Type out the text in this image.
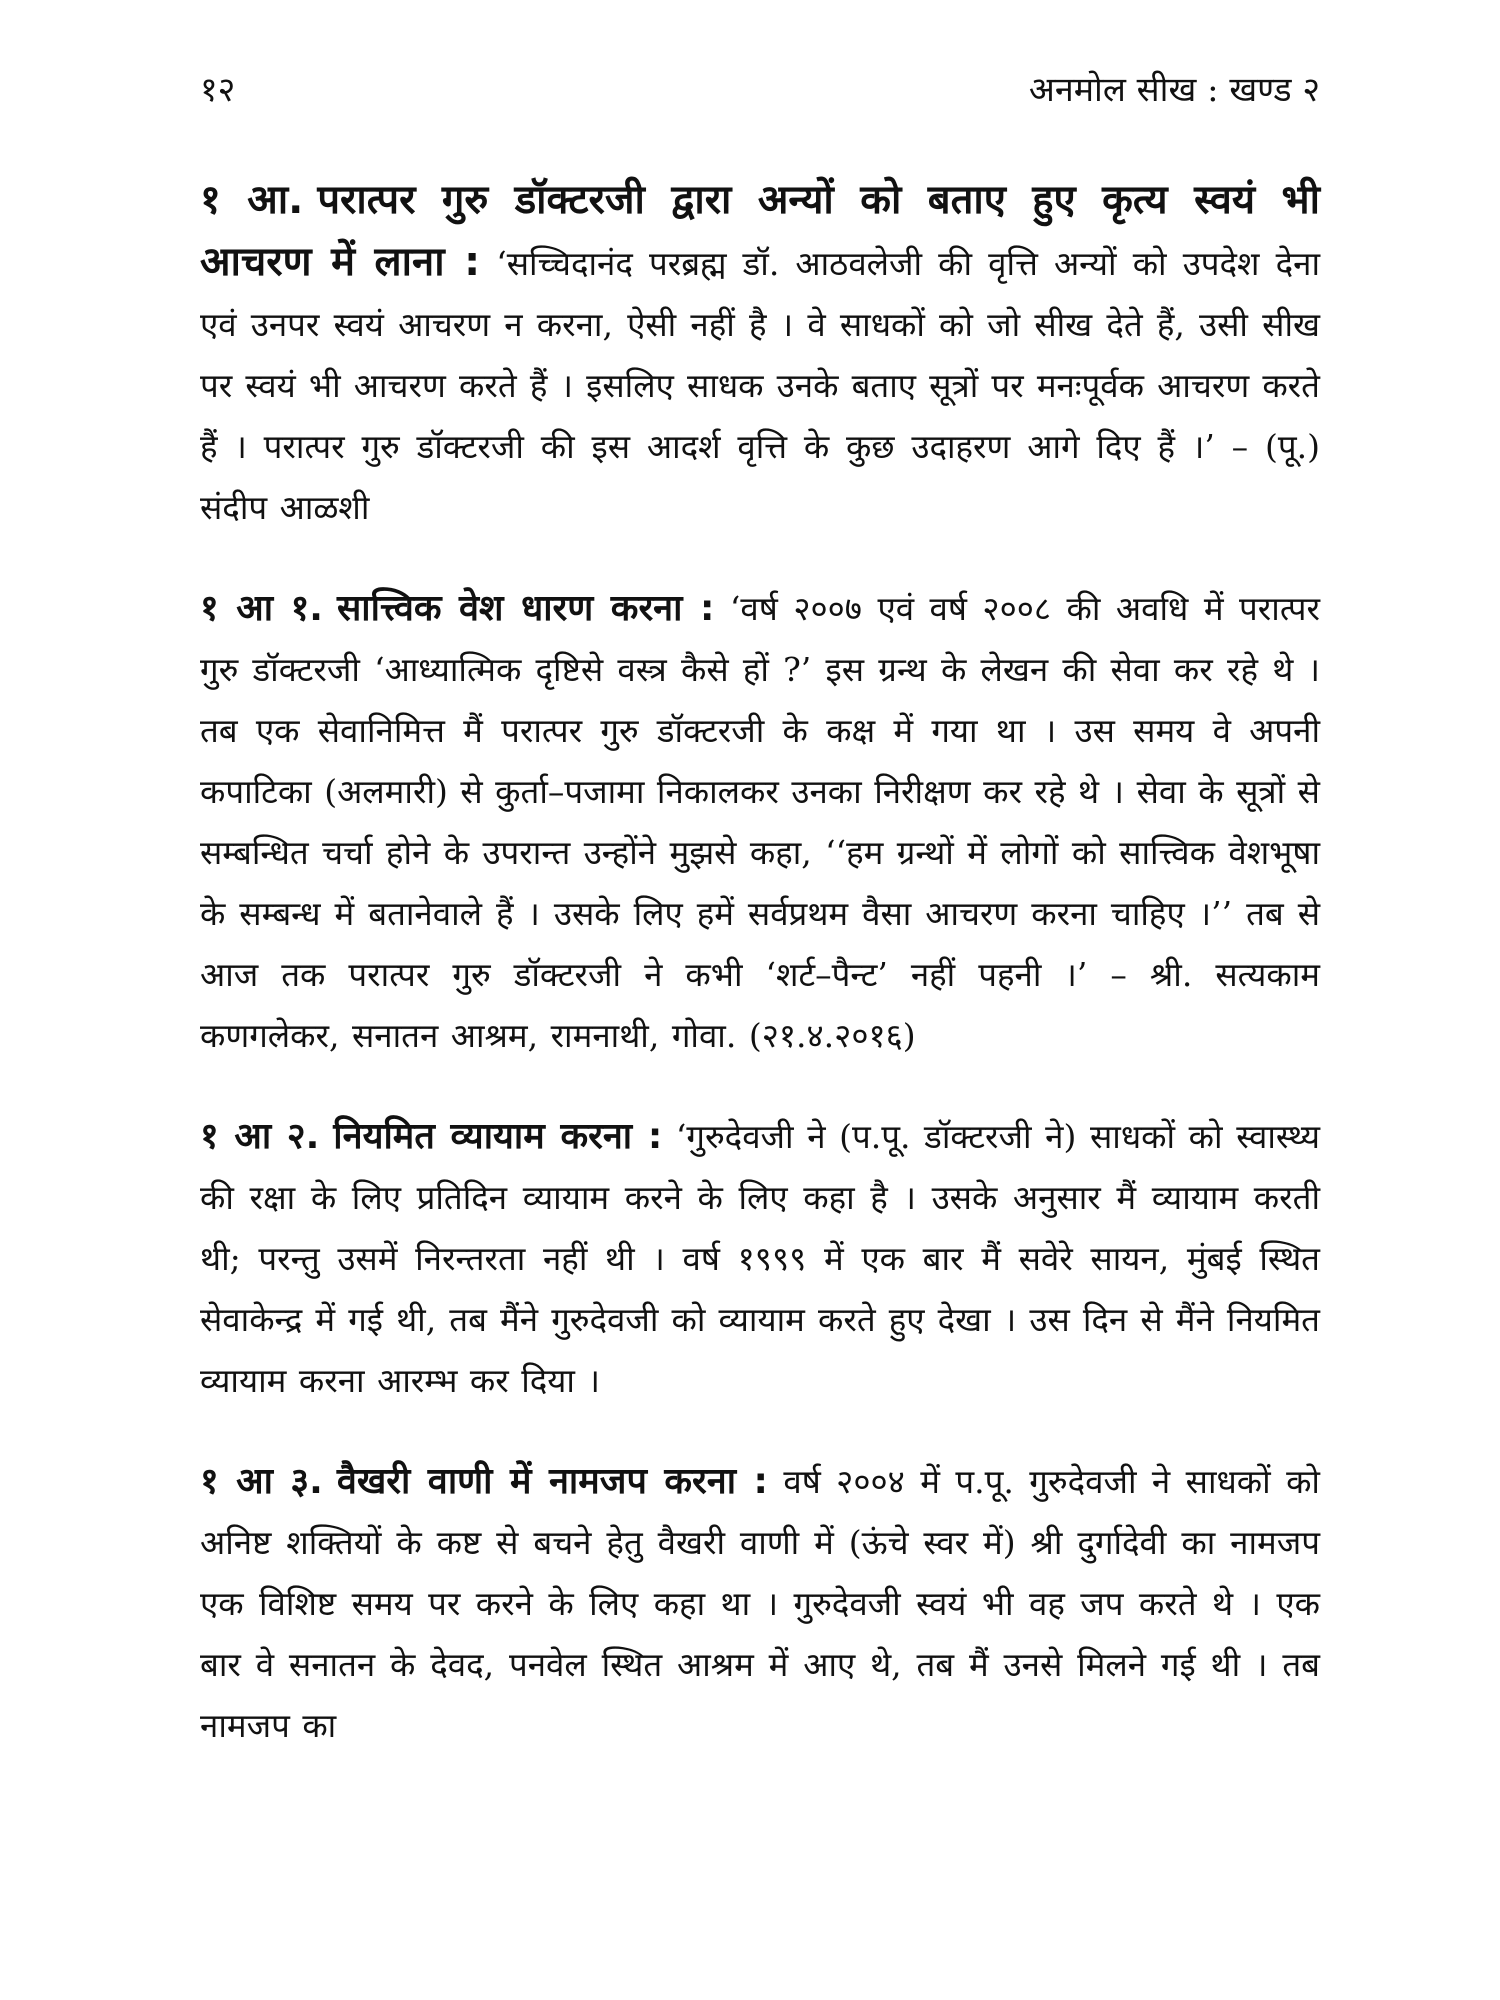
१२	अनमोल सीख : खण्ड २

१ आ. परात्पर गुरु डॉक्टरजी द्वारा अन्यों को बताए हुए कृत्य स्वयं भी आचरण में लाना : ‘सच्चिदानंद परब्रह्म डॉ. आठवलेजी की वृत्ति अन्यों को उपदेश देना एवं उनपर स्वयं आचरण न करना, ऐसी नहीं है । वे साधकों को जो सीख देते हैं, उसी सीख पर स्वयं भी आचरण करते हैं । इसलिए साधक उनके बताए सूत्रों पर मनःपूर्वक आचरण करते हैं । परात्पर गुरु डॉक्टरजी की इस आदर्श वृत्ति के कुछ उदाहरण आगे दिए हैं ।’ – (पू.) संदीप आळशी

१ आ १. सात्त्विक वेश धारण करना : ‘वर्ष २००७ एवं वर्ष २००८ की अवधि में परात्पर गुरु डॉक्टरजी ‘आध्यात्मिक दृष्टिसे वस्त्र कैसे हों ?’ इस ग्रन्थ के लेखन की सेवा कर रहे थे । तब एक सेवानिमित्त मैं परात्पर गुरु डॉक्टरजी के कक्ष में गया था । उस समय वे अपनी कपाटिका (अलमारी) से कुर्ता–पजामा निकालकर उनका निरीक्षण कर रहे थे । सेवा के सूत्रों से सम्बन्धित चर्चा होने के उपरान्त उन्होंने मुझसे कहा, ‘‘हम ग्रन्थों में लोगों को सात्त्विक वेशभूषा के सम्बन्ध में बतानेवाले हैं । उसके लिए हमें सर्वप्रथम वैसा आचरण करना चाहिए ।’’ तब से आज तक परात्पर गुरु डॉक्टरजी ने कभी ‘शर्ट–पैन्ट’ नहीं पहनी ।’ – श्री. सत्यकाम कणगलेकर, सनातन आश्रम, रामनाथी, गोवा. (२१.४.२०१६)

१ आ २. नियमित व्यायाम करना : ‘गुरुदेवजी ने (प.पू. डॉक्टरजी ने) साधकों को स्वास्थ्य की रक्षा के लिए प्रतिदिन व्यायाम करने के लिए कहा है । उसके अनुसार मैं व्यायाम करती थी; परन्तु उसमें निरन्तरता नहीं थी । वर्ष १९९९ में एक बार मैं सवेरे सायन, मुंबई स्थित सेवाकेन्द्र में गई थी, तब मैंने गुरुदेवजी को व्यायाम करते हुए देखा । उस दिन से मैंने नियमित व्यायाम करना आरम्भ कर दिया ।

१ आ ३. वैखरी वाणी में नामजप करना : वर्ष २००४ में प.पू. गुरुदेवजी ने साधकों को अनिष्ट शक्तियों के कष्ट से बचने हेतु वैखरी वाणी में (ऊंचे स्वर में) श्री दुर्गादेवी का नामजप एक विशिष्ट समय पर करने के लिए कहा था । गुरुदेवजी स्वयं भी वह जप करते थे । एक बार वे सनातन के देवद, पनवेल स्थित आश्रम में आए थे, तब मैं उनसे मिलने गई थी । तब नामजप का
